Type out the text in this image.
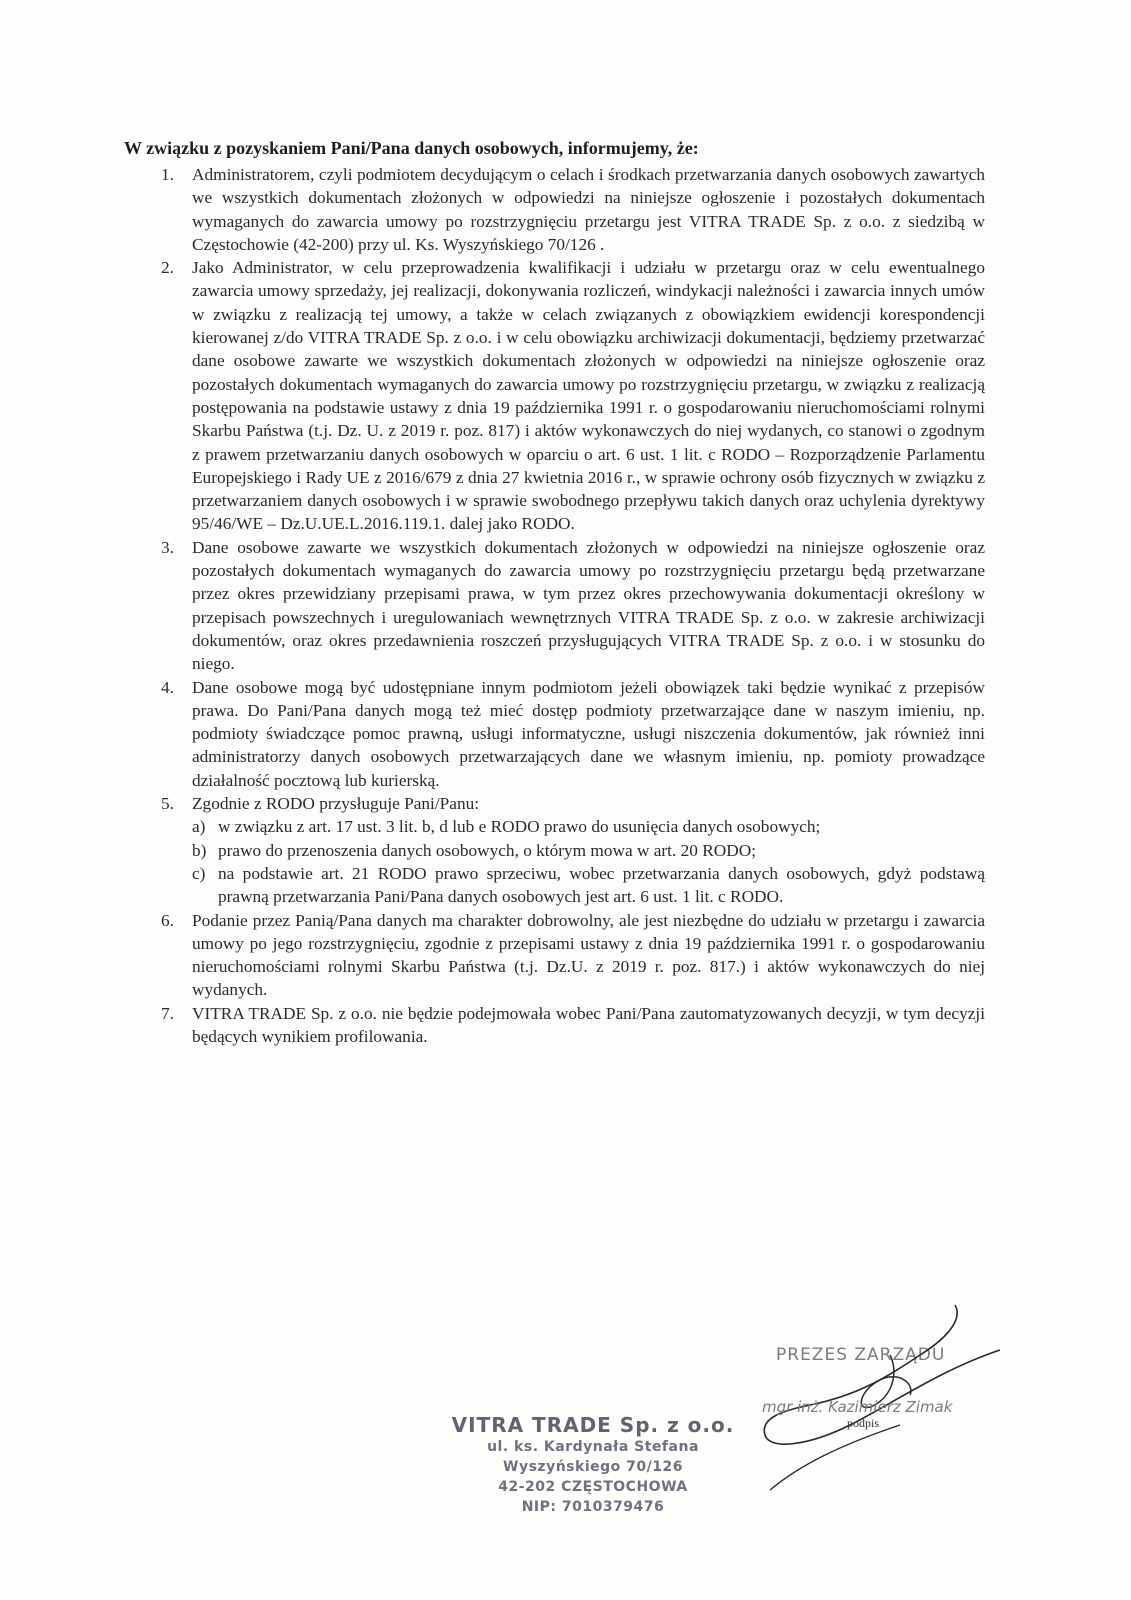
W związku z pozyskaniem Pani/Pana danych osobowych, informujemy, że:
1. Administratorem, czyli podmiotem decydującym o celach i środkach przetwarzania danych osobowych zawartych we wszystkich dokumentach złożonych w odpowiedzi na niniejsze ogłoszenie i pozostałych dokumentach wymaganych do zawarcia umowy po rozstrzygnięciu przetargu jest VITRA TRADE Sp. z o.o. z siedzibą w Częstochowie (42-200) przy ul. Ks. Wyszyńskiego 70/126 .
2. Jako Administrator, w celu przeprowadzenia kwalifikacji i udziału w przetargu oraz w celu ewentualnego zawarcia umowy sprzedaży, jej realizacji, dokonywania rozliczeń, windykacji należności i zawarcia innych umów w związku z realizacją tej umowy, a także w celach związanych z obowiązkiem ewidencji korespondencji kierowanej z/do VITRA TRADE Sp. z o.o. i w celu obowiązku archiwizacji dokumentacji, będziemy przetwarzać dane osobowe zawarte we wszystkich dokumentach złożonych w odpowiedzi na niniejsze ogłoszenie oraz pozostałych dokumentach wymaganych do zawarcia umowy po rozstrzygnięciu przetargu, w związku z realizacją postępowania na podstawie ustawy z dnia 19 października 1991 r. o gospodarowaniu nieruchomościami rolnymi Skarbu Państwa (t.j. Dz. U. z 2019 r. poz. 817) i aktów wykonawczych do niej wydanych, co stanowi o zgodnym z prawem przetwarzaniu danych osobowych w oparciu o art. 6 ust. 1 lit. c RODO – Rozporządzenie Parlamentu Europejskiego i Rady UE z 2016/679 z dnia 27 kwietnia 2016 r., w sprawie ochrony osób fizycznych w związku z przetwarzaniem danych osobowych i w sprawie swobodnego przepływu takich danych oraz uchylenia dyrektywy 95/46/WE – Dz.U.UE.L.2016.119.1. dalej jako RODO.
3. Dane osobowe zawarte we wszystkich dokumentach złożonych w odpowiedzi na niniejsze ogłoszenie oraz pozostałych dokumentach wymaganych do zawarcia umowy po rozstrzygnięciu przetargu będą przetwarzane przez okres przewidziany przepisami prawa, w tym przez okres przechowywania dokumentacji określony w przepisach powszechnych i uregulowaniach wewnętrznych VITRA TRADE Sp. z o.o. w zakresie archiwizacji dokumentów, oraz okres przedawnienia roszczeń przysługujących VITRA TRADE Sp. z o.o. i w stosunku do niego.
4. Dane osobowe mogą być udostępniane innym podmiotom jeżeli obowiązek taki będzie wynikać z przepisów prawa. Do Pani/Pana danych mogą też mieć dostęp podmioty przetwarzające dane w naszym imieniu, np. podmioty świadczące pomoc prawną, usługi informatyczne, usługi niszczenia dokumentów, jak również inni administratorzy danych osobowych przetwarzających dane we własnym imieniu, np. pomioty prowadzące działalność pocztową lub kurierską.
5. Zgodnie z RODO przysługuje Pani/Panu:
a) w związku z art. 17 ust. 3 lit. b, d lub e RODO prawo do usunięcia danych osobowych;
b) prawo do przenoszenia danych osobowych, o którym mowa w art. 20 RODO;
c) na podstawie art. 21 RODO prawo sprzeciwu, wobec przetwarzania danych osobowych, gdyż podstawą prawną przetwarzania Pani/Pana danych osobowych jest art. 6 ust. 1 lit. c RODO.
6. Podanie przez Panią/Pana danych ma charakter dobrowolny, ale jest niezbędne do udziału w przetargu i zawarcia umowy po jego rozstrzygnięciu, zgodnie z przepisami ustawy z dnia 19 października 1991 r. o gospodarowaniu nieruchomościami rolnymi Skarbu Państwa (t.j. Dz.U. z 2019 r. poz. 817.) i aktów wykonawczych do niej wydanych.
7. VITRA TRADE Sp. z o.o. nie będzie podejmowała wobec Pani/Pana zautomatyzowanych decyzji, w tym decyzji będących wynikiem profilowania.
PREZES ZARZĄDU
mgr inż. Kazimierz Zimak
podpis
VITRA TRADE Sp. z o.o.
ul. ks. Kardynała Stefana Wyszyńskiego 70/126
42-202 CZĘSTOCHOWA
NIP: 7010379476
